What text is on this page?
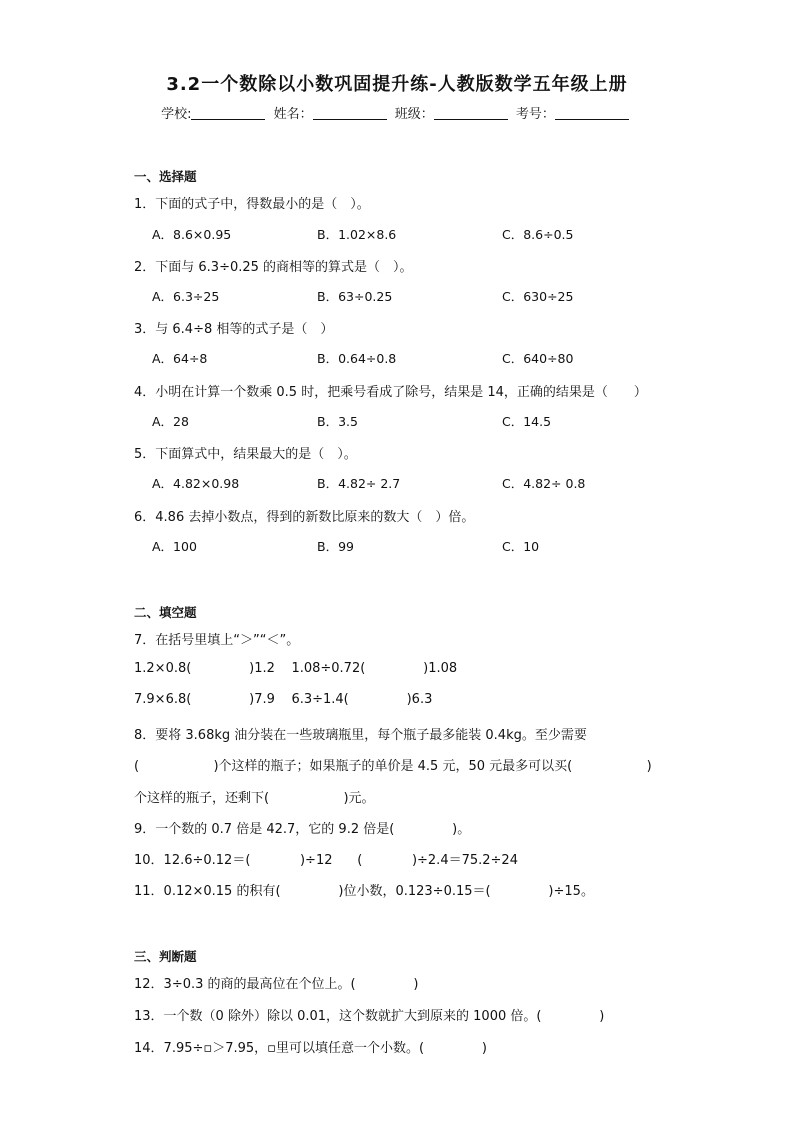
3.2一个数除以小数巩固提升练-人教版数学五年级上册
学校:	姓名：	班级：	考号：
一、选择题
1．下面的式子中，得数最小的是（　）。
A．8.6×0.95	B．1.02×8.6	C．8.6÷0.5
2．下面与 6.3÷0.25 的商相等的算式是（　）。
A．6.3÷25	B．63÷0.25	C．630÷25
3．与 6.4÷8 相等的式子是（　）
A．64÷8	B．0.64÷0.8	C．640÷80
4．小明在计算一个数乘 0.5 时，把乘号看成了除号，结果是 14，正确的结果是（　　）
A．28	B．3.5	C．14.5
5．下面算式中，结果最大的是（　）。
A．4.82×0.98	B．4.82÷ 2.7	C．4.82÷ 0.8
6．4.86 去掉小数点，得到的新数比原来的数大（　）倍。
A．100	B．99	C．10
二、填空题
7．在括号里填上“＞”“＜”。
1.2×0.8(              )1.2    1.08÷0.72(              )1.08
7.9×6.8(              )7.9    6.3÷1.4(              )6.3
8．要将 3.68kg 油分装在一些玻璃瓶里，每个瓶子最多能装 0.4kg。至少需要
(                  )个这样的瓶子；如果瓶子的单价是 4.5 元，50 元最多可以买(                  )
个这样的瓶子，还剩下(                  )元。
9．一个数的 0.7 倍是 42.7，它的 9.2 倍是(              )。
10．12.6÷0.12＝(            )÷12      (            )÷2.4＝75.2÷24
11．0.12×0.15 的积有(              )位小数，0.123÷0.15＝(              )÷15。
三、判断题
12．3÷0.3 的商的最高位在个位上。(              )
13．一个数（0 除外）除以 0.01，这个数就扩大到原来的 1000 倍。(              )
14．7.95÷▫＞7.95，▫里可以填任意一个小数。(              )
